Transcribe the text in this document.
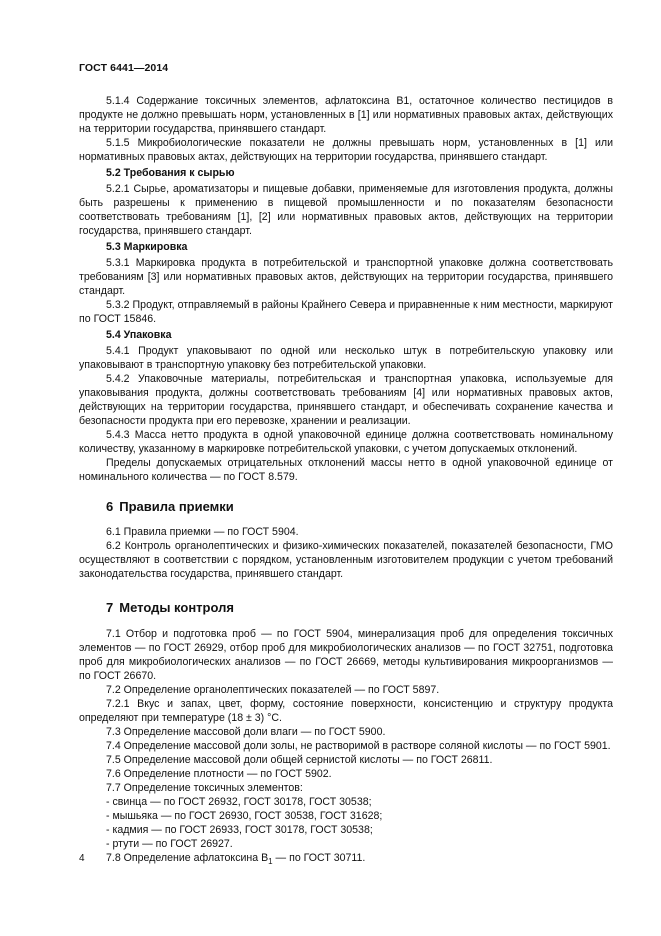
ГОСТ 6441—2014

5.1.4 Содержание токсичных элементов, афлатоксина В1, остаточное количество пестицидов в продукте не должно превышать норм, установленных в [1] или нормативных правовых актах, действующих на территории государства, принявшего стандарт.

5.1.5 Микробиологические показатели не должны превышать норм, установленных в [1] или нормативных правовых актах, действующих на территории государства, принявшего стандарт.

5.2 Требования к сырью

5.2.1 Сырье, ароматизаторы и пищевые добавки, применяемые для изготовления продукта, должны быть разрешены к применению в пищевой промышленности и по показателям безопасности соответствовать требованиям [1], [2] или нормативных правовых актов, действующих на территории государства, принявшего стандарт.

5.3 Маркировка

5.3.1 Маркировка продукта в потребительской и транспортной упаковке должна соответствовать требованиям [3] или нормативных правовых актов, действующих на территории государства, принявшего стандарт.

5.3.2 Продукт, отправляемый в районы Крайнего Севера и приравненные к ним местности, маркируют по ГОСТ 15846.

5.4 Упаковка

5.4.1 Продукт упаковывают по одной или несколько штук в потребительскую упаковку или упаковывают в транспортную упаковку без потребительской упаковки.

5.4.2 Упаковочные материалы, потребительская и транспортная упаковка, используемые для упаковывания продукта, должны соответствовать требованиям [4] или нормативных правовых актов, действующих на территории государства, принявшего стандарт, и обеспечивать сохранение качества и безопасности продукта при его перевозке, хранении и реализации.

5.4.3 Масса нетто продукта в одной упаковочной единице должна соответствовать номинальному количеству, указанному в маркировке потребительской упаковки, с учетом допускаемых отклонений.

Пределы допускаемых отрицательных отклонений массы нетто в одной упаковочной единице от номинального количества — по ГОСТ 8.579.

6 Правила приемки

6.1 Правила приемки — по ГОСТ 5904.

6.2 Контроль органолептических и физико-химических показателей, показателей безопасности, ГМО осуществляют в соответствии с порядком, установленным изготовителем продукции с учетом требований законодательства государства, принявшего стандарт.

7 Методы контроля

7.1 Отбор и подготовка проб — по ГОСТ 5904, минерализация проб для определения токсичных элементов — по ГОСТ 26929, отбор проб для микробиологических анализов — по ГОСТ 32751, подготовка проб для микробиологических анализов — по ГОСТ 26669, методы культивирования микроорганизмов — по ГОСТ 26670.

7.2 Определение органолептических показателей — по ГОСТ 5897.

7.2.1 Вкус и запах, цвет, форму, состояние поверхности, консистенцию и структуру продукта определяют при температуре (18 ± 3) °С.

7.3 Определение массовой доли влаги — по ГОСТ 5900.

7.4 Определение массовой доли золы, не растворимой в растворе соляной кислоты — по ГОСТ 5901.

7.5 Определение массовой доли общей сернистой кислоты — по ГОСТ 26811.

7.6 Определение плотности — по ГОСТ 5902.

7.7 Определение токсичных элементов:

- свинца — по ГОСТ 26932, ГОСТ 30178, ГОСТ 30538;

- мышьяка — по ГОСТ 26930, ГОСТ 30538, ГОСТ 31628;

- кадмия — по ГОСТ 26933, ГОСТ 30178, ГОСТ 30538;

- ртути — по ГОСТ 26927.

7.8 Определение афлатоксина $В_1$ — по ГОСТ 30711.

4
